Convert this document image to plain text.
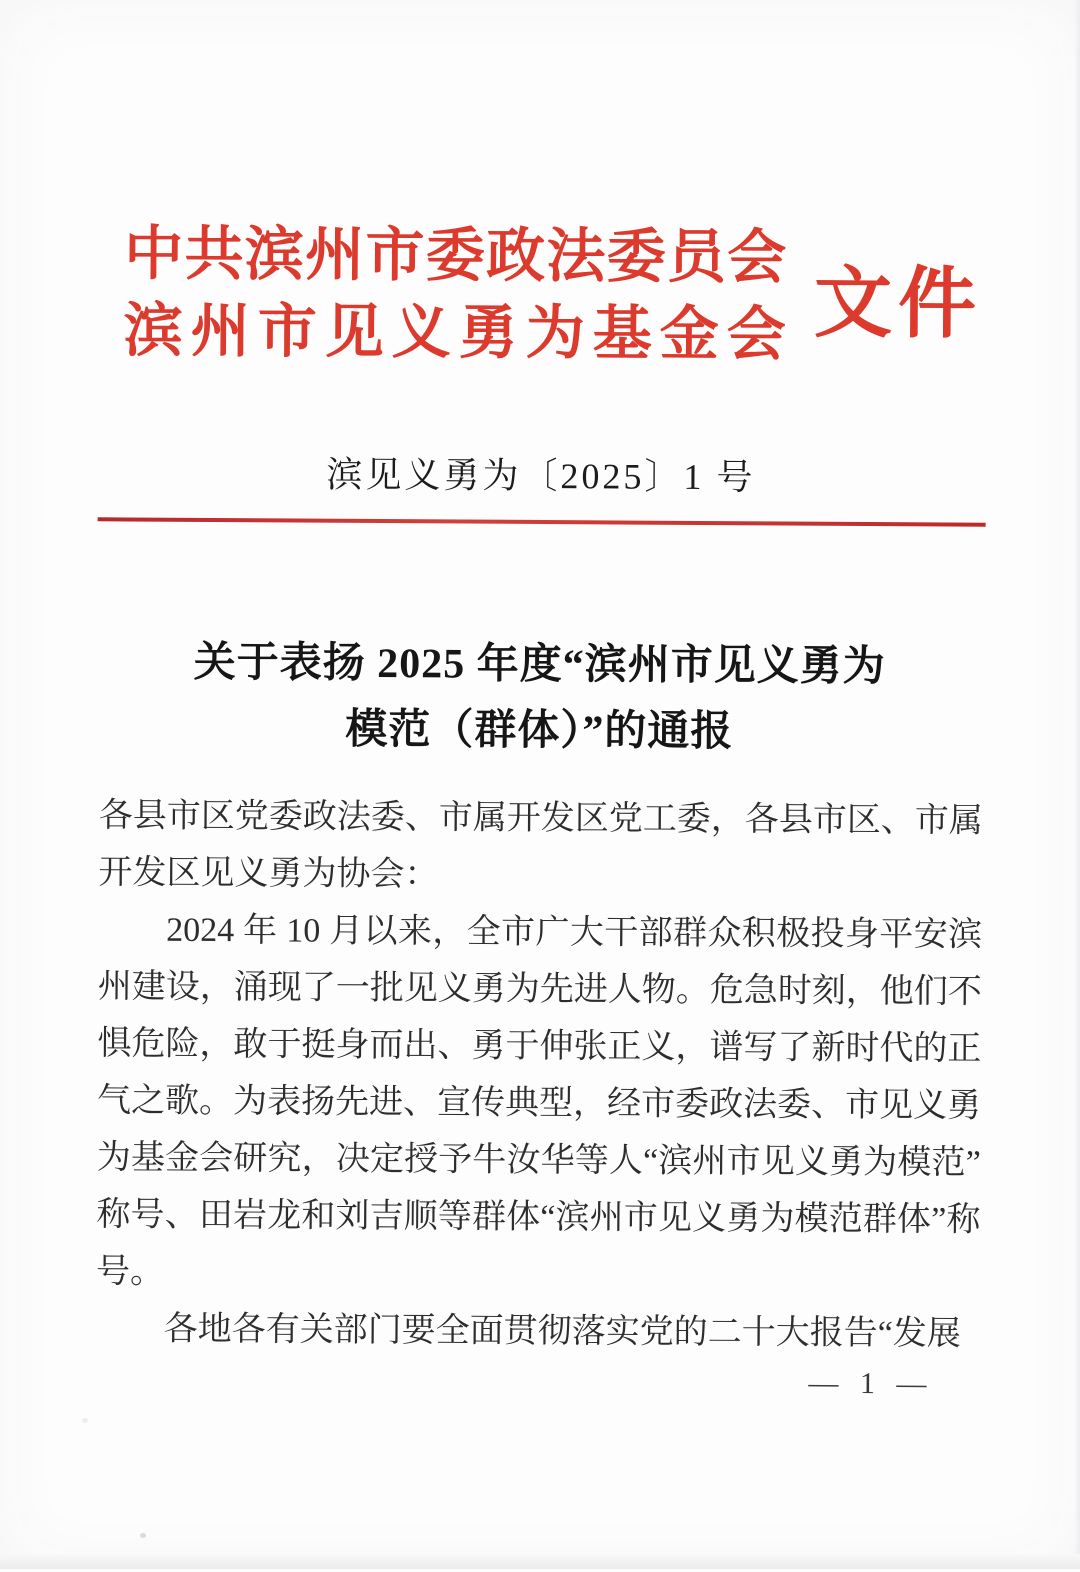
中共滨州市委政法委员会
滨州市见义勇为基金会 文件
滨见义勇为〔2025〕1 号
关于表扬 2025 年度“滨州市见义勇为
模范（群体）”的通报

各县市区党委政法委、市属开发区党工委，各县市区、市属开发区见义勇为协会：

2024 年 10 月以来，全市广大干部群众积极投身平安滨州建设，涌现了一批见义勇为先进人物。危急时刻，他们不惧危险，敢于挺身而出、勇于伸张正义，谱写了新时代的正气之歌。为表扬先进、宣传典型，经市委政法委、市见义勇为基金会研究，决定授予牛汝华等人“滨州市见义勇为模范”称号、田岩龙和刘吉顺等群体“滨州市见义勇为模范群体”称号。

各地各有关部门要全面贯彻落实党的二十大报告“发展

— 1 —
